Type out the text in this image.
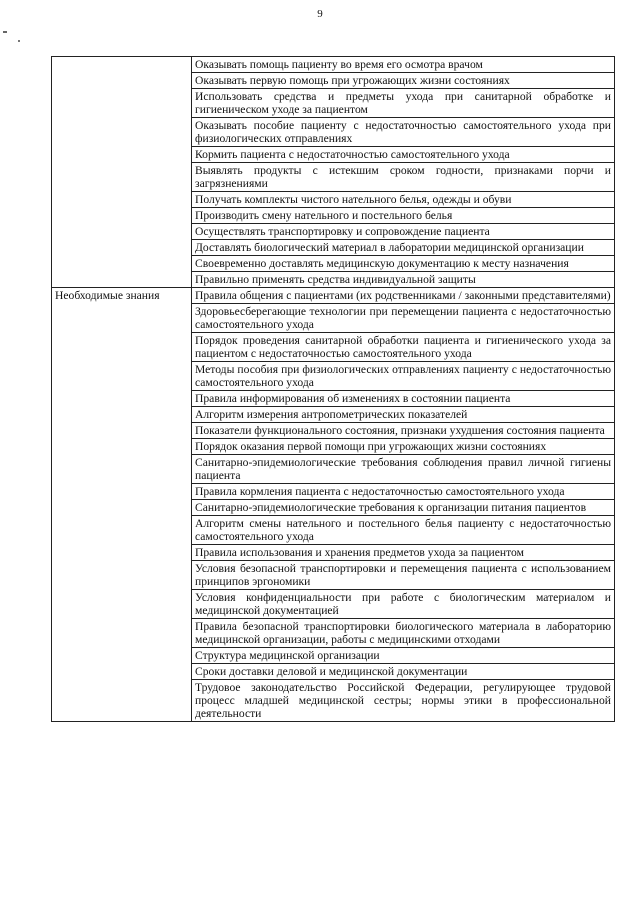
9
	Оказывать помощь пациенту во время его осмотра врачом
	Оказывать первую помощь при угрожающих жизни состояниях
	Использовать средства и предметы ухода при санитарной обработке и гигиеническом уходе за пациентом
	Оказывать пособие пациенту с недостаточностью самостоятельного ухода при физиологических отправлениях
	Кормить пациента с недостаточностью самостоятельного ухода
	Выявлять продукты с истекшим сроком годности, признаками порчи и загрязнениями
	Получать комплекты чистого нательного белья, одежды и обуви
	Производить смену нательного и постельного белья
	Осуществлять транспортировку и сопровождение пациента
	Доставлять биологический материал в лаборатории медицинской организации
	Своевременно доставлять медицинскую документацию к месту назначения
	Правильно применять средства индивидуальной защиты
Необходимые знания	Правила общения с пациентами (их родственниками / законными представителями)
	Здоровьесберегающие технологии при перемещении пациента с недостаточностью самостоятельного ухода
	Порядок проведения санитарной обработки пациента и гигиенического ухода за пациентом с недостаточностью самостоятельного ухода
	Методы пособия при физиологических отправлениях пациенту с недостаточностью самостоятельного ухода
	Правила информирования об изменениях в состоянии пациента
	Алгоритм измерения антропометрических показателей
	Показатели функционального состояния, признаки ухудшения состояния пациента
	Порядок оказания первой помощи при угрожающих жизни состояниях
	Санитарно-эпидемиологические требования соблюдения правил личной гигиены пациента
	Правила кормления пациента с недостаточностью самостоятельного ухода
	Санитарно-эпидемиологические требования к организации питания пациентов
	Алгоритм смены нательного и постельного белья пациенту с недостаточностью самостоятельного ухода
	Правила использования и хранения предметов ухода за пациентом
	Условия безопасной транспортировки и перемещения пациента с использованием принципов эргономики
	Условия конфиденциальности при работе с биологическим материалом и медицинской документацией
	Правила безопасной транспортировки биологического материала в лабораторию медицинской организации, работы с медицинскими отходами
	Структура медицинской организации
	Сроки доставки деловой и медицинской документации
	Трудовое законодательство Российской Федерации, регулирующее трудовой процесс младшей медицинской сестры; нормы этики в профессиональной деятельности
